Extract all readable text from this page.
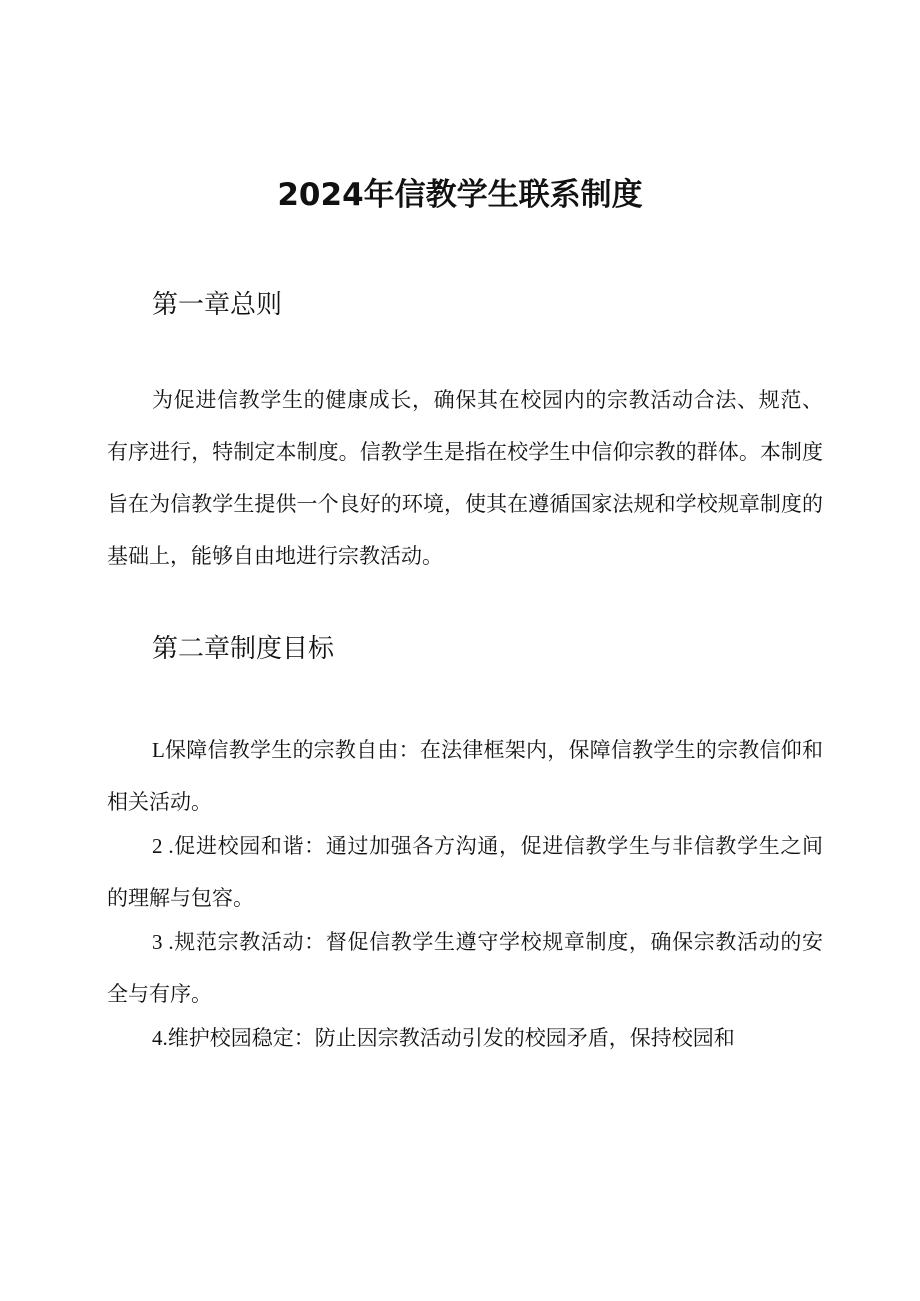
2024年信教学生联系制度
第一章总则

为促进信教学生的健康成长，确保其在校园内的宗教活动合法、规范、有序进行，特制定本制度。信教学生是指在校学生中信仰宗教的群体。本制度旨在为信教学生提供一个良好的环境，使其在遵循国家法规和学校规章制度的基础上，能够自由地进行宗教活动。

第二章制度目标

L保障信教学生的宗教自由：在法律框架内，保障信教学生的宗教信仰和相关活动。

2 .促进校园和谐：通过加强各方沟通，促进信教学生与非信教学生之间的理解与包容。

3 .规范宗教活动：督促信教学生遵守学校规章制度，确保宗教活动的安全与有序。

4.维护校园稳定：防止因宗教活动引发的校园矛盾，保持校园和
